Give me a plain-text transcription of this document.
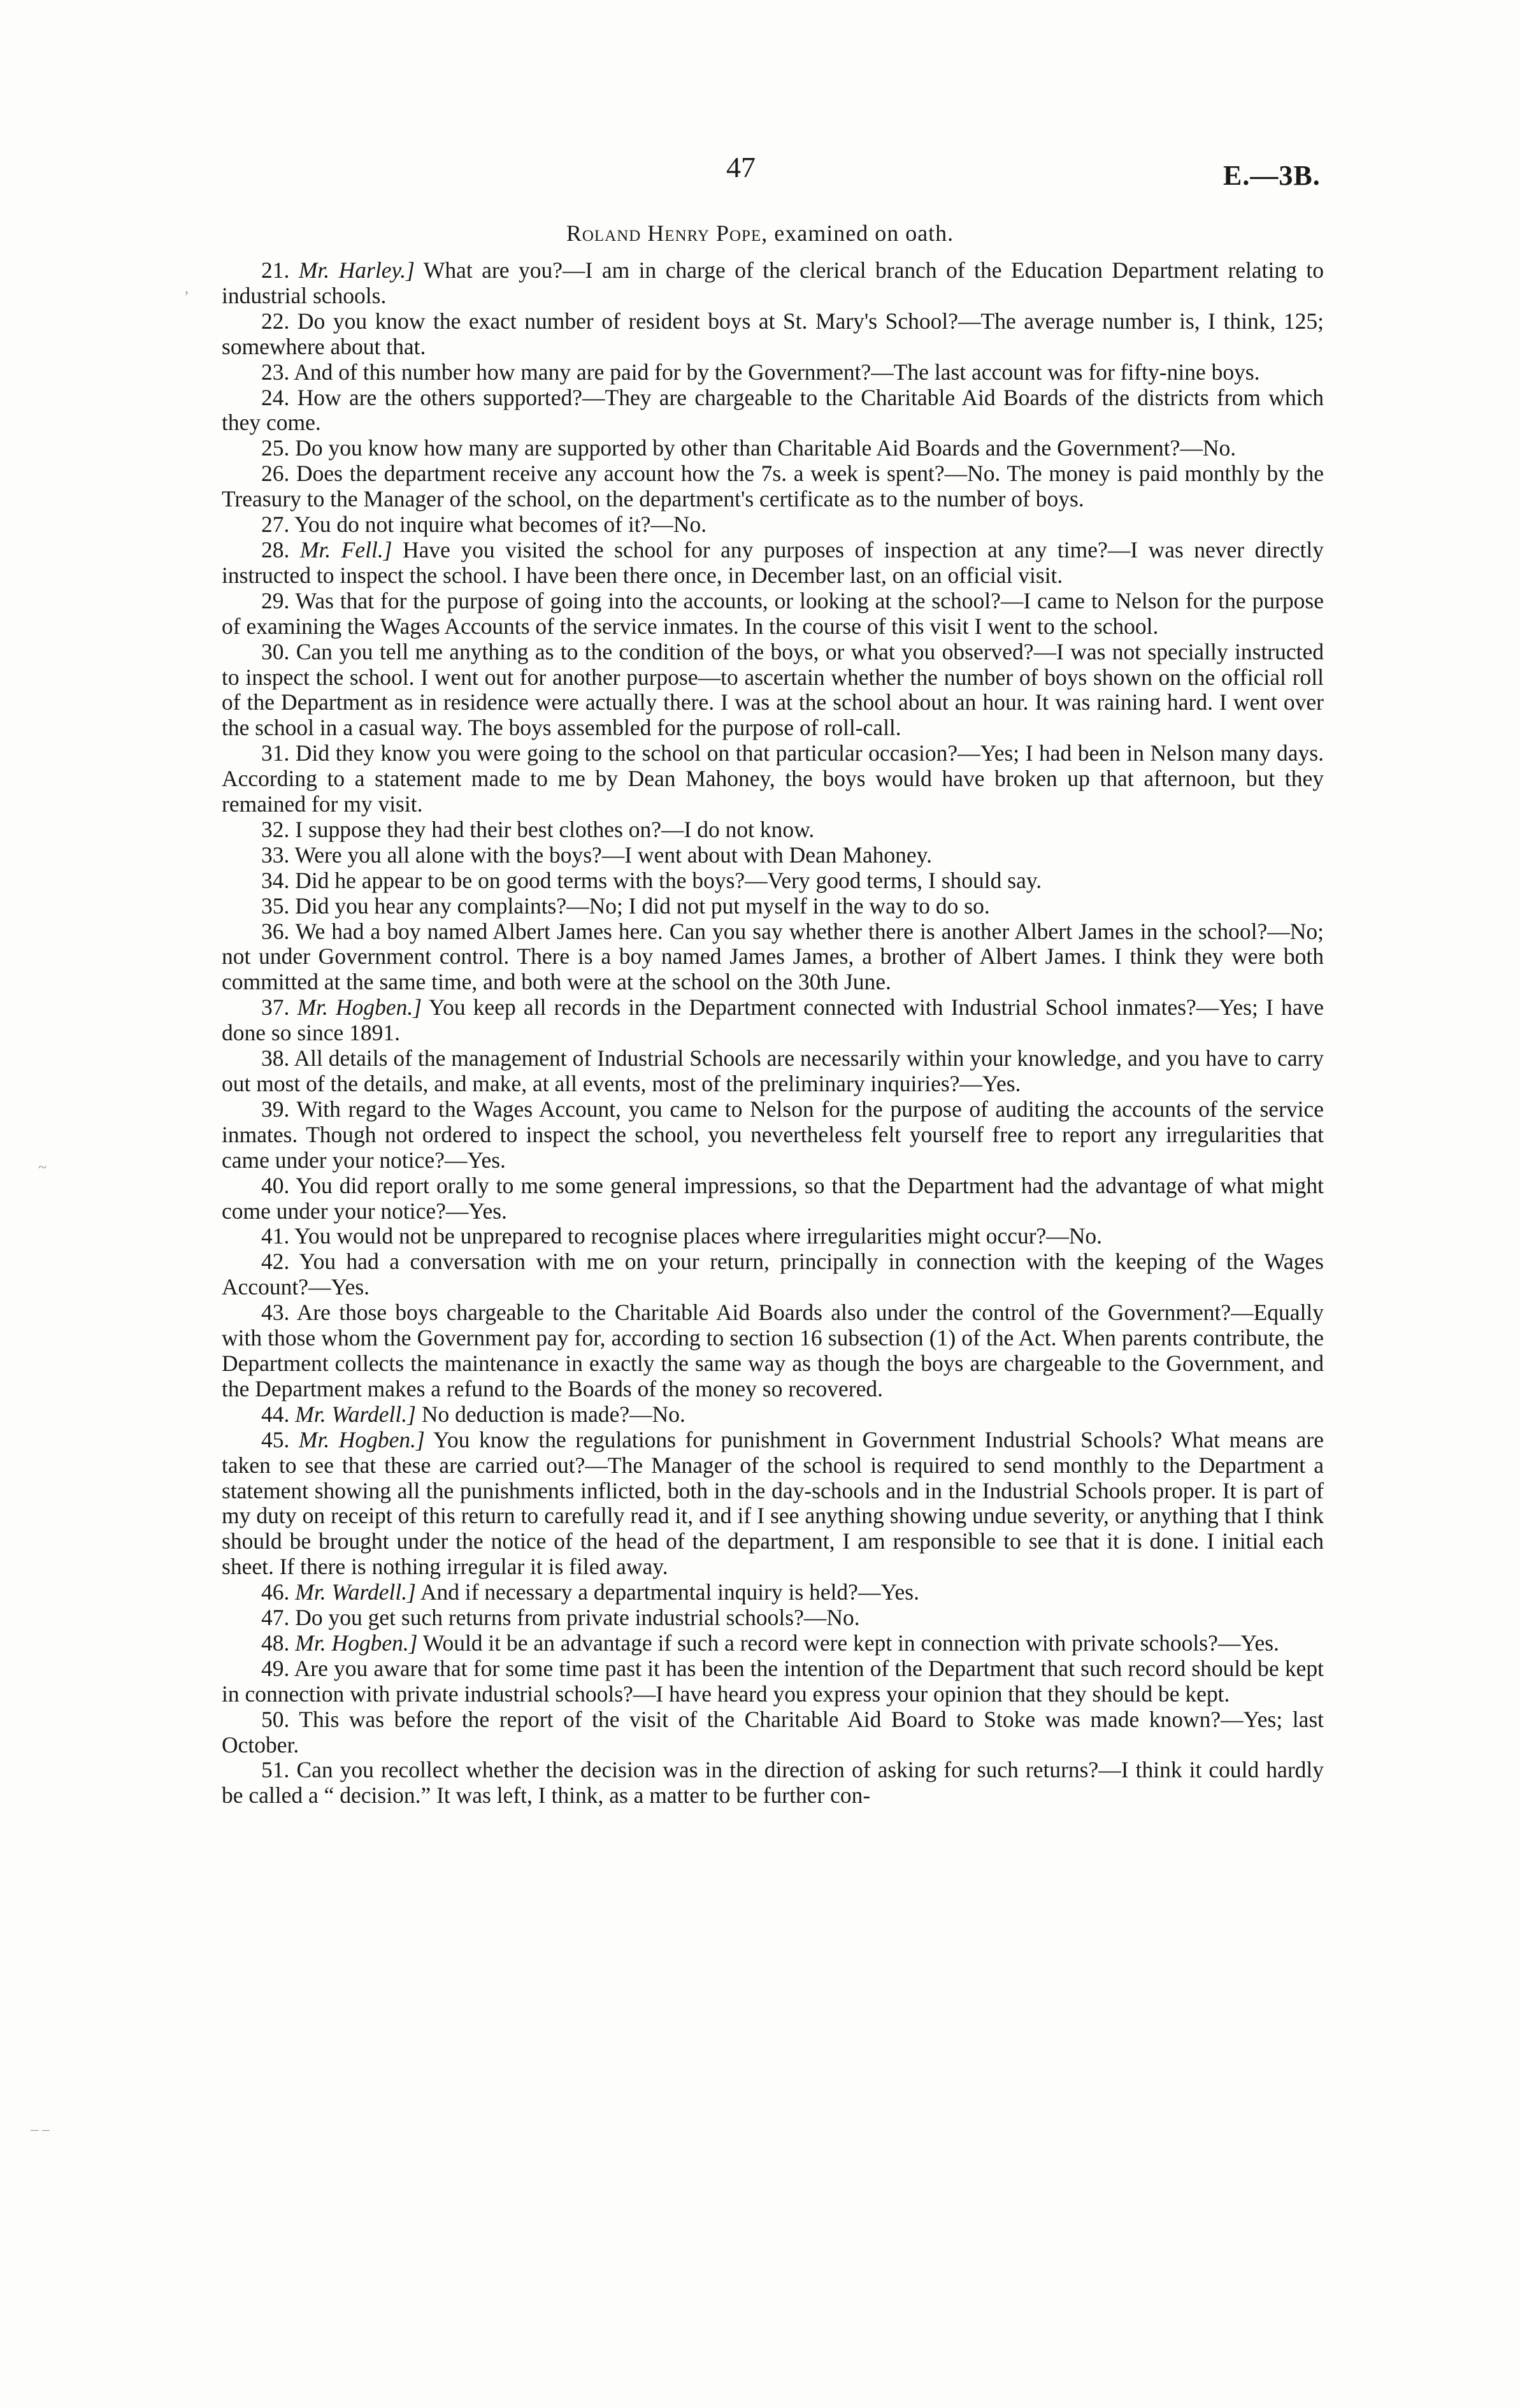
47	E.—3B.
Roland Henry Pope, examined on oath.

21. Mr. Harley.] What are you?—I am in charge of the clerical branch of the Education Department relating to industrial schools.

22. Do you know the exact number of resident boys at St. Mary's School?—The average number is, I think, 125; somewhere about that.

23. And of this number how many are paid for by the Government?—The last account was for fifty-nine boys.

24. How are the others supported?—They are chargeable to the Charitable Aid Boards of the districts from which they come.

25. Do you know how many are supported by other than Charitable Aid Boards and the Government?—No.

26. Does the department receive any account how the 7s. a week is spent?—No. The money is paid monthly by the Treasury to the Manager of the school, on the department's certificate as to the number of boys.

27. You do not inquire what becomes of it?—No.

28. Mr. Fell.] Have you visited the school for any purposes of inspection at any time?—I was never directly instructed to inspect the school. I have been there once, in December last, on an official visit.

29. Was that for the purpose of going into the accounts, or looking at the school?—I came to Nelson for the purpose of examining the Wages Accounts of the service inmates. In the course of this visit I went to the school.

30. Can you tell me anything as to the condition of the boys, or what you observed?—I was not specially instructed to inspect the school. I went out for another purpose—to ascertain whether the number of boys shown on the official roll of the Department as in residence were actually there. I was at the school about an hour. It was raining hard. I went over the school in a casual way. The boys assembled for the purpose of roll-call.

31. Did they know you were going to the school on that particular occasion?—Yes; I had been in Nelson many days. According to a statement made to me by Dean Mahoney, the boys would have broken up that afternoon, but they remained for my visit.

32. I suppose they had their best clothes on?—I do not know.

33. Were you all alone with the boys?—I went about with Dean Mahoney.

34. Did he appear to be on good terms with the boys?—Very good terms, I should say.

35. Did you hear any complaints?—No; I did not put myself in the way to do so.

36. We had a boy named Albert James here. Can you say whether there is another Albert James in the school?—No; not under Government control. There is a boy named James James, a brother of Albert James. I think they were both committed at the same time, and both were at the school on the 30th June.

37. Mr. Hogben.] You keep all records in the Department connected with Industrial School inmates?—Yes; I have done so since 1891.

38. All details of the management of Industrial Schools are necessarily within your knowledge, and you have to carry out most of the details, and make, at all events, most of the preliminary inquiries?—Yes.

39. With regard to the Wages Account, you came to Nelson for the purpose of auditing the accounts of the service inmates. Though not ordered to inspect the school, you nevertheless felt yourself free to report any irregularities that came under your notice?—Yes.

40. You did report orally to me some general impressions, so that the Department had the advantage of what might come under your notice?—Yes.

41. You would not be unprepared to recognise places where irregularities might occur?—No.

42. You had a conversation with me on your return, principally in connection with the keeping of the Wages Account?—Yes.

43. Are those boys chargeable to the Charitable Aid Boards also under the control of the Government?—Equally with those whom the Government pay for, according to section 16 subsection (1) of the Act. When parents contribute, the Department collects the maintenance in exactly the same way as though the boys are chargeable to the Government, and the Department makes a refund to the Boards of the money so recovered.

44. Mr. Wardell.] No deduction is made?—No.

45. Mr. Hogben.] You know the regulations for punishment in Government Industrial Schools? What means are taken to see that these are carried out?—The Manager of the school is required to send monthly to the Department a statement showing all the punishments inflicted, both in the day-schools and in the Industrial Schools proper. It is part of my duty on receipt of this return to carefully read it, and if I see anything showing undue severity, or anything that I think should be brought under the notice of the head of the department, I am responsible to see that it is done. I initial each sheet. If there is nothing irregular it is filed away.

46. Mr. Wardell.] And if necessary a departmental inquiry is held?—Yes.

47. Do you get such returns from private industrial schools?—No.

48. Mr. Hogben.] Would it be an advantage if such a record were kept in connection with private schools?—Yes.

49. Are you aware that for some time past it has been the intention of the Department that such record should be kept in connection with private industrial schools?—I have heard you express your opinion that they should be kept.

50. This was before the report of the visit of the Charitable Aid Board to Stoke was made known?—Yes; last October.

51. Can you recollect whether the decision was in the direction of asking for such returns?—I think it could hardly be called a “ decision.” It was left, I think, as a matter to be further con-

,
~
– –
